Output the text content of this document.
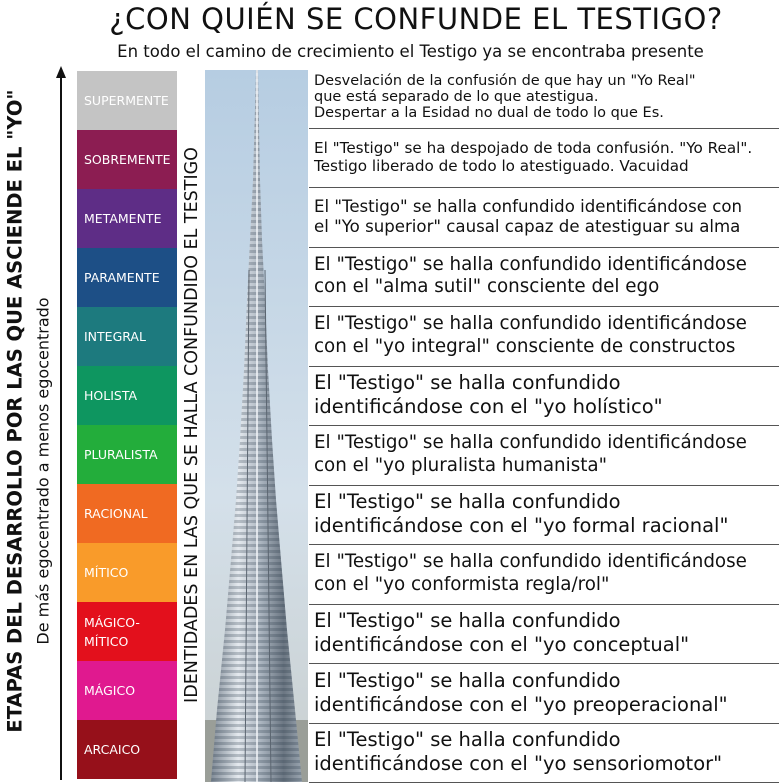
¿CON QUIÉN SE CONFUNDE EL TESTIGO?
En todo el camino de crecimiento el Testigo ya se encontraba presente
ETAPAS DEL DESARROLLO POR LAS QUE ASCIENDE EL "YO" De más egocentrado a menos egocentrado
SUPERMENTE
SOBREMENTE
METAMENTE
PARAMENTE
INTEGRAL
HOLISTA
PLURALISTA
RACIONAL
MÍTICO
MÁGICO-
MÍTICO
MÁGICO
ARCAICO
IDENTIDADES EN LAS QUE SE HALLA CONFUNDIDO EL TESTIGO
Desvelación de la confusión de que hay un "Yo Real"
que está separado de lo que atestigua.
Despertar a la Esidad no dual de todo lo que Es.
El "Testigo" se ha despojado de toda confusión. "Yo Real".
Testigo liberado de todo lo atestiguado. Vacuidad
El "Testigo" se halla confundido identificándose con
el "Yo superior" causal capaz de atestiguar su alma
El "Testigo" se halla confundido identificándose
con el "alma sutil" consciente del ego
El "Testigo" se halla confundido identificándose
con el "yo integral" consciente de constructos
El "Testigo" se halla confundido
identificándose con el "yo holístico"
El "Testigo" se halla confundido identificándose
con el "yo pluralista humanista"
El "Testigo" se halla confundido
identificándose con el "yo formal racional"
El "Testigo" se halla confundido identificándose
con el "yo conformista regla/rol"
El "Testigo" se halla confundido
identificándose con el "yo conceptual"
El "Testigo" se halla confundido
identificándose con el "yo preoperacional"
El "Testigo" se halla confundido
identificándose con el "yo sensoriomotor"
